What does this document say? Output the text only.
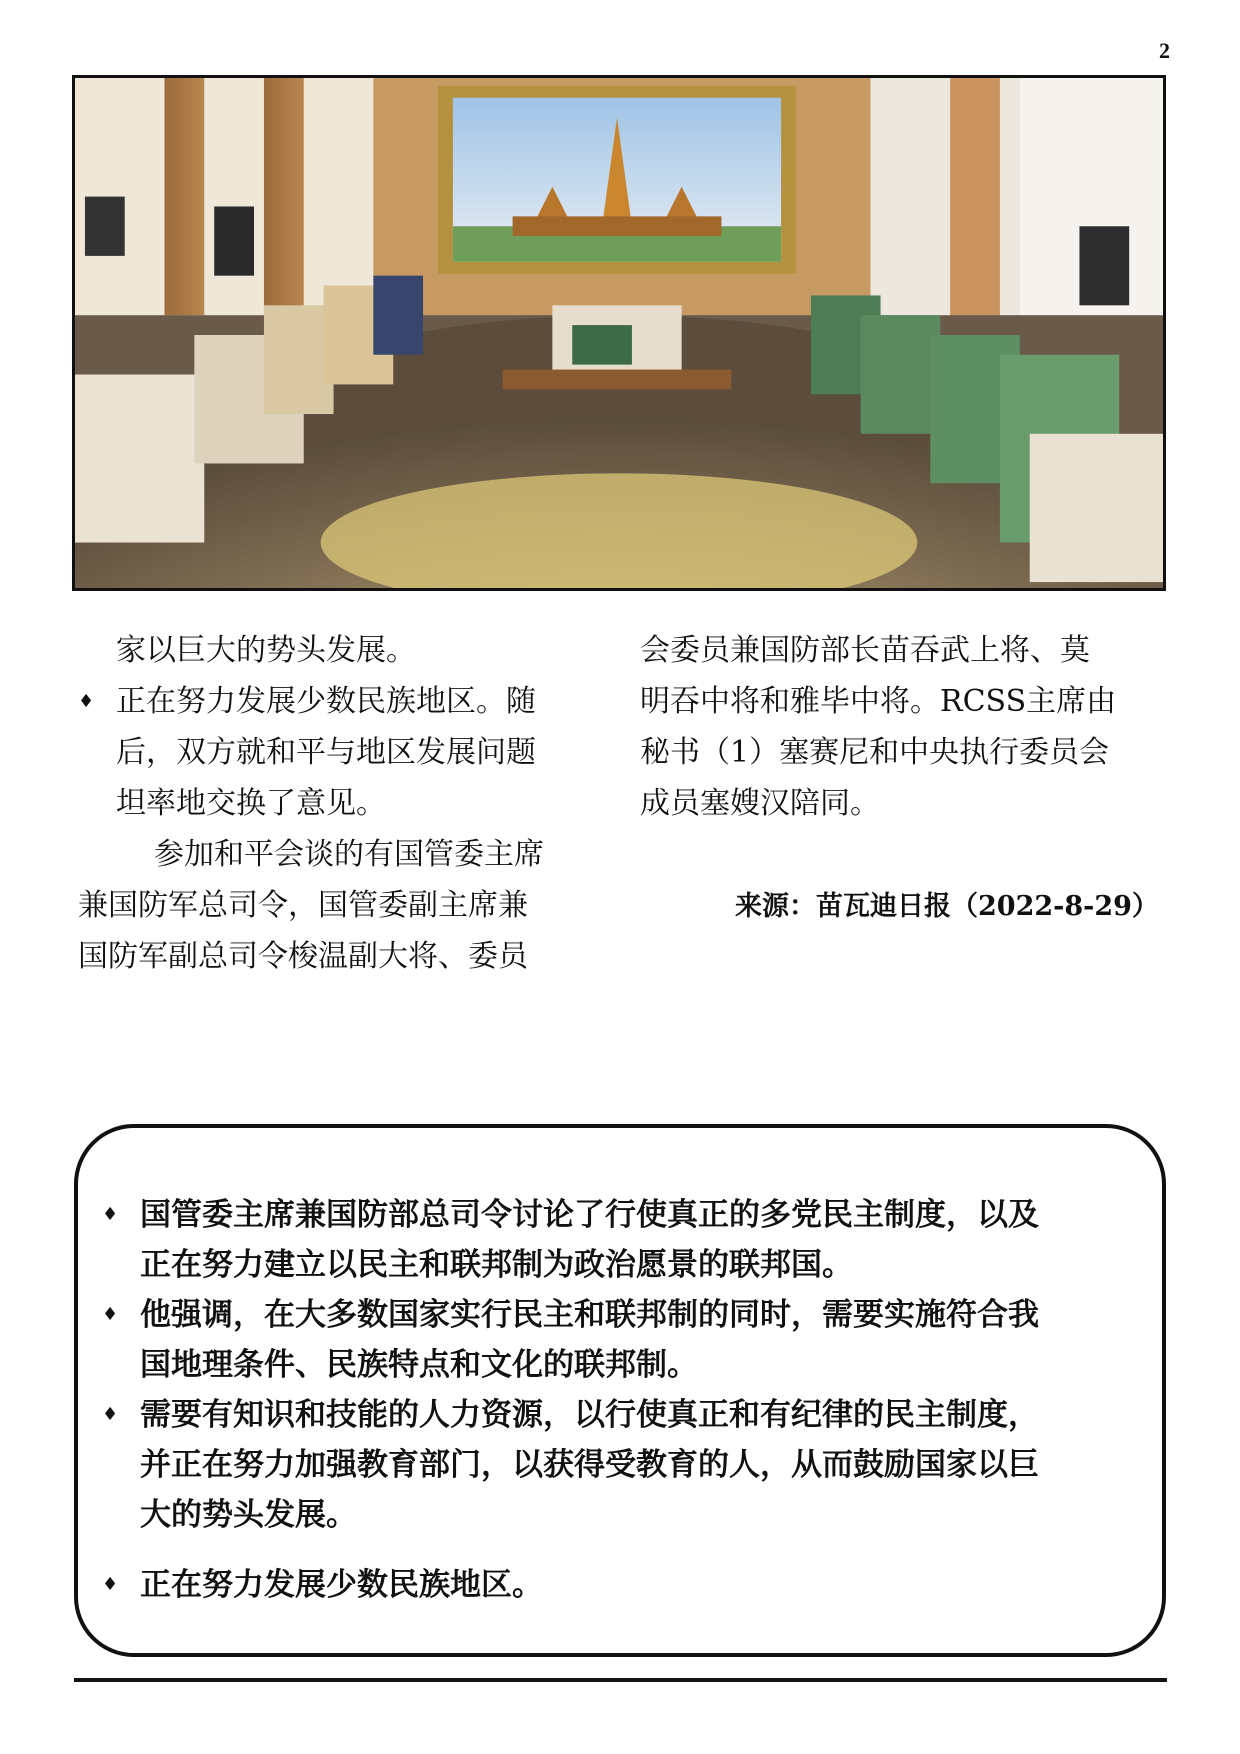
2
家以巨大的势头发展。
♦ 正在努力发展少数民族地区。随
后，双方就和平与地区发展问题
坦率地交换了意见。
参加和平会谈的有国管委主席
兼国防军总司令，国管委副主席兼
国防军副总司令梭温副大将、委员
会委员兼国防部长苗吞武上将、莫
明吞中将和雅毕中将。RCSS主席由
秘书（1）塞赛尼和中央执行委员会
成员塞嫂汉陪同。
来源：苗瓦迪日报（2022-8-29）
♦ 国管委主席兼国防部总司令讨论了行使真正的多党民主制度，以及
正在努力建立以民主和联邦制为政治愿景的联邦国。
♦ 他强调，在大多数国家实行民主和联邦制的同时，需要实施符合我
国地理条件、民族特点和文化的联邦制。
♦ 需要有知识和技能的人力资源，以行使真正和有纪律的民主制度，
并正在努力加强教育部门，以获得受教育的人，从而鼓励国家以巨
大的势头发展。
♦ 正在努力发展少数民族地区。
